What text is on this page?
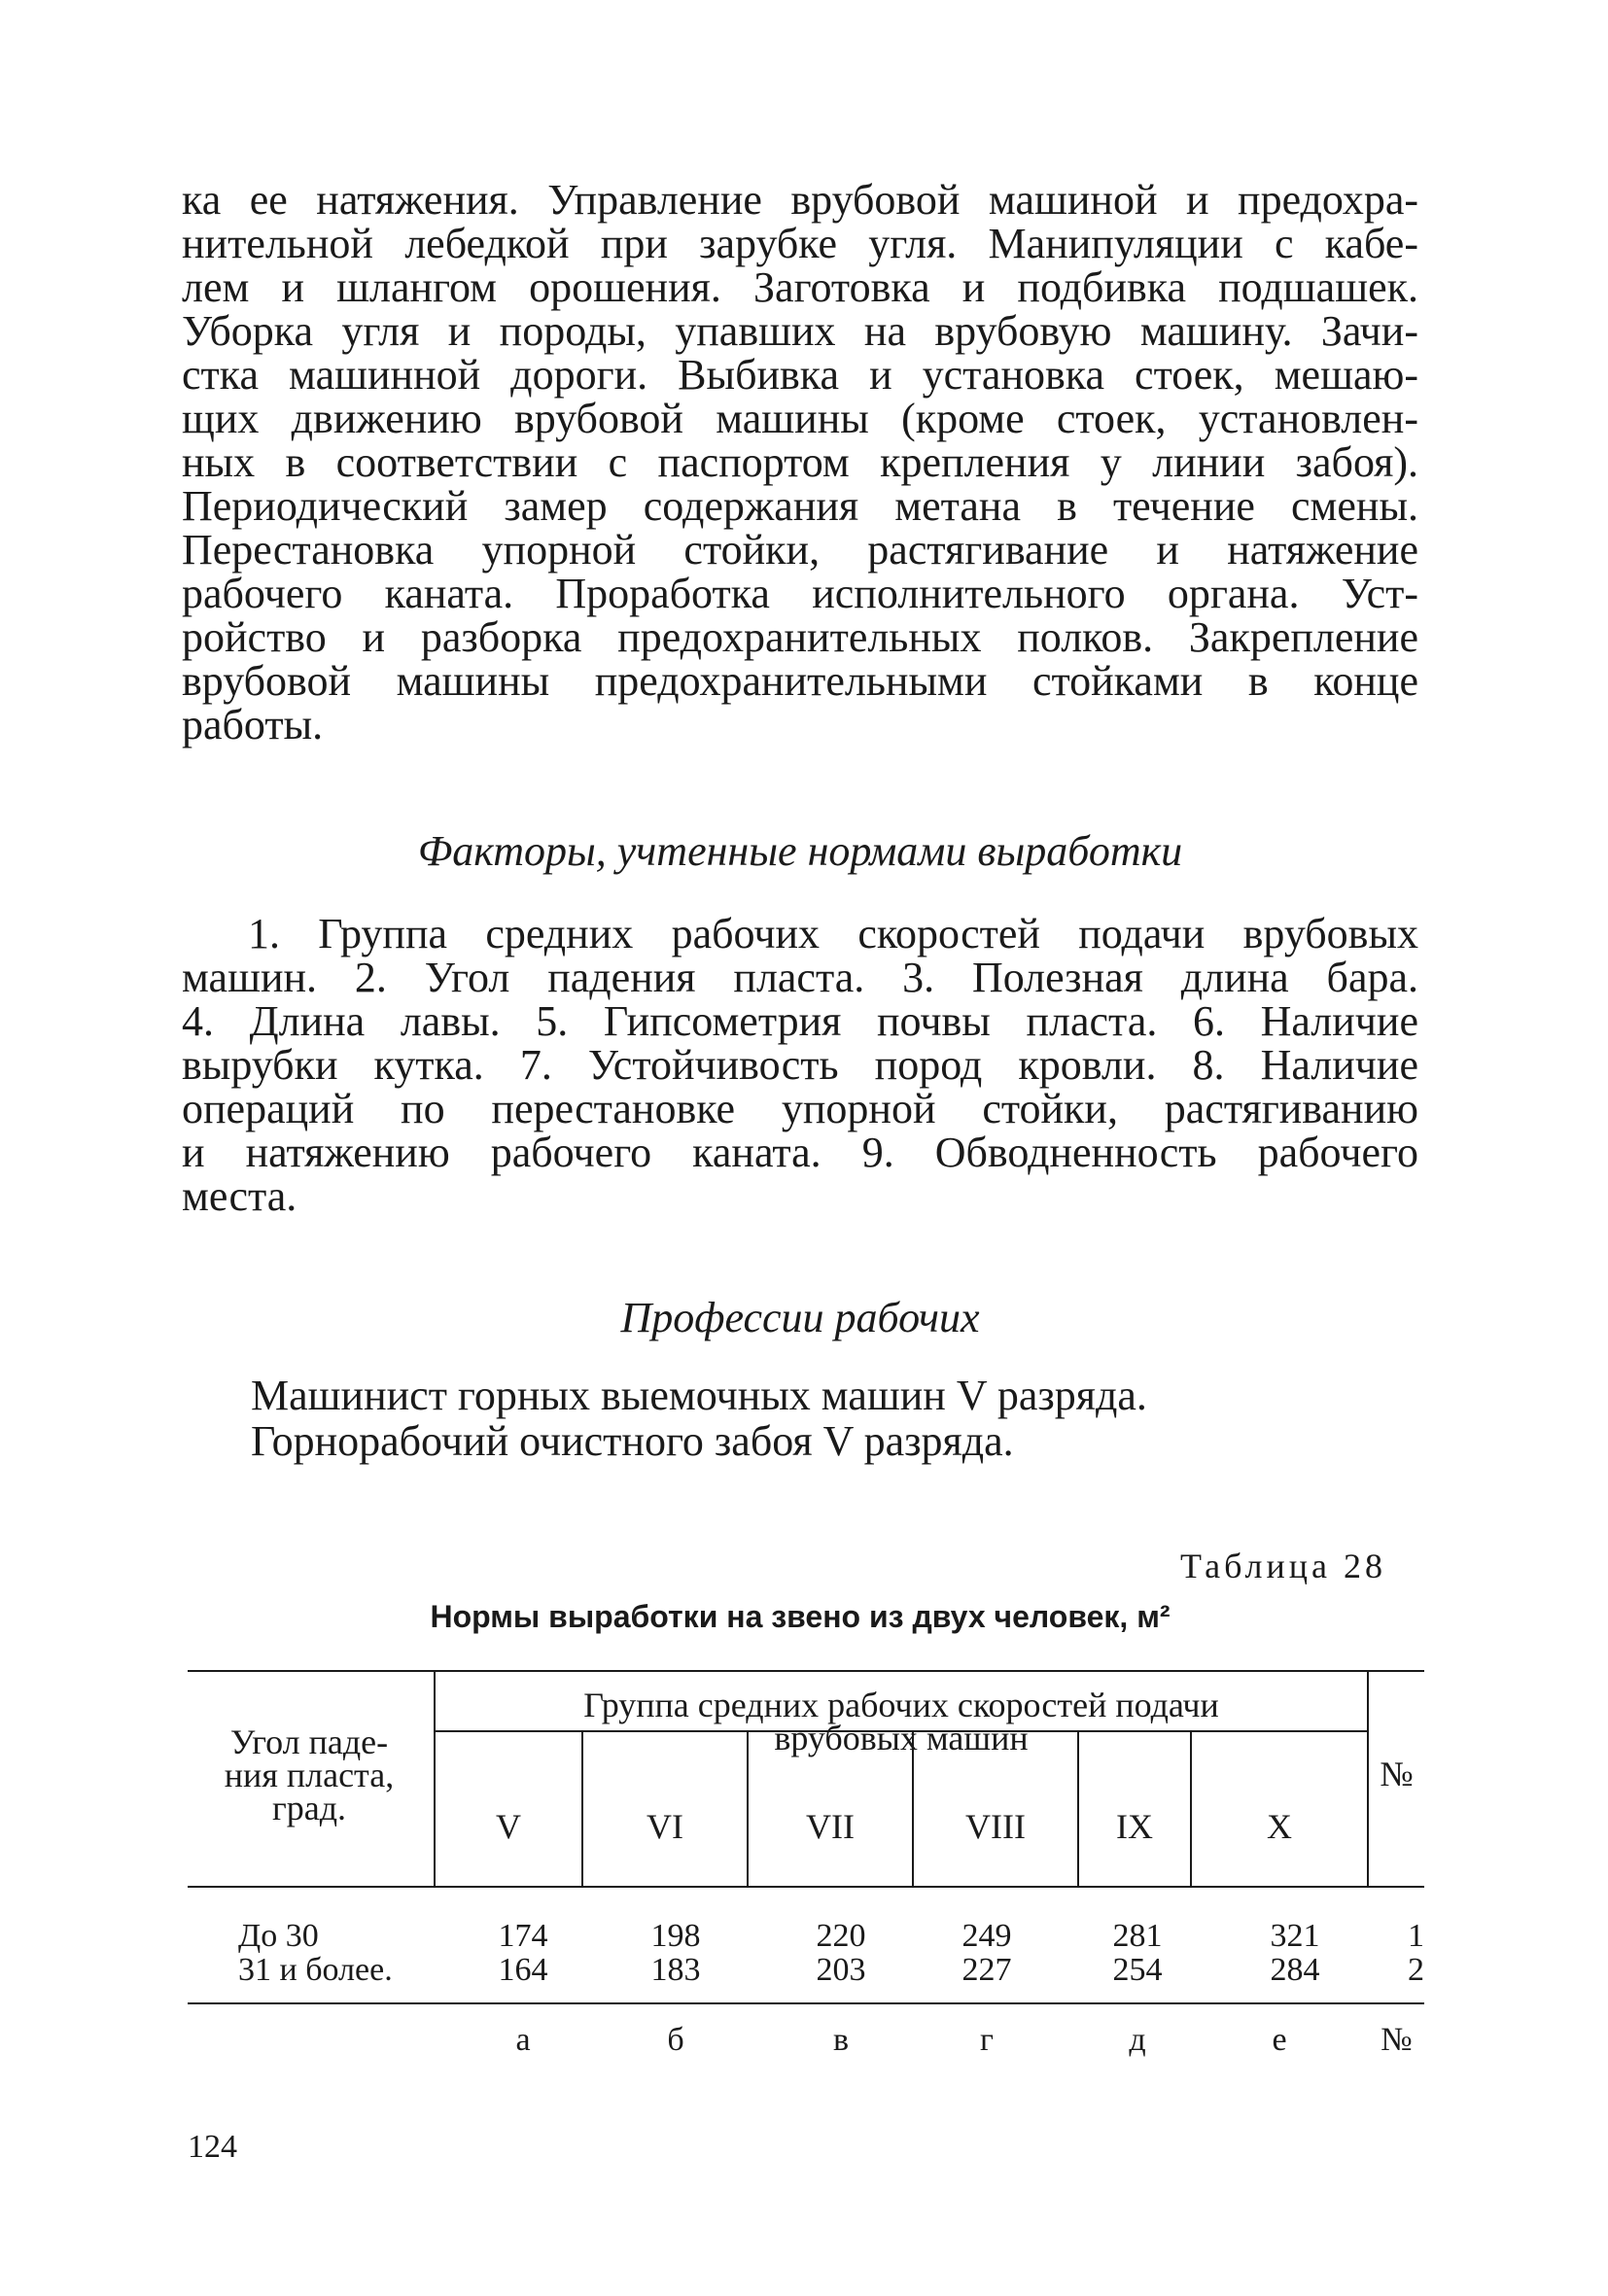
ка ее натяжения. Управление врубовой машиной и предохра-
нительной лебедкой при зарубке угля. Манипуляции с кабе-
лем и шлангом орошения. Заготовка и подбивка подшашек.
Уборка угля и породы, упавших на врубовую машину. Зачи-
стка машинной дороги. Выбивка и установка стоек, мешаю-
щих движению врубовой машины (кроме стоек, установлен-
ных в соответствии с паспортом крепления у линии забоя).
Периодический замер содержания метана в течение смены.
Перестановка упорной стойки, растягивание и натяжение
рабочего каната. Проработка исполнительного органа. Уст-
ройство и разборка предохранительных полков. Закрепление
врубовой машины предохранительными стойками в конце
работы.

Факторы, учтенные нормами выработки

1. Группа средних рабочих скоростей подачи врубовых
машин. 2. Угол падения пласта. 3. Полезная длина бара.
4. Длина лавы. 5. Гипсометрия почвы пласта. 6. Наличие
вырубки кутка. 7. Устойчивость пород кровли. 8. Наличие
операций по перестановке упорной стойки, растягиванию
и натяжению рабочего каната. 9. Обводненность рабочего
места.

Профессии рабочих

Машинист горных выемочных машин V разряда.

Горнорабочий очистного забоя V разряда.

Таблица 28
Нормы выработки на звено из двух человек, м²
Угол паде-
ния пласта,
град.
Группа средних рабочих скоростей подачи
врубовых машин
№
V	VI	VII	VIII	IX	X
До 30	174	198	220	249	281	321	1
31 и более.	164	183	203	227	254	284	2
а	б	в	г	д	е	№
124
